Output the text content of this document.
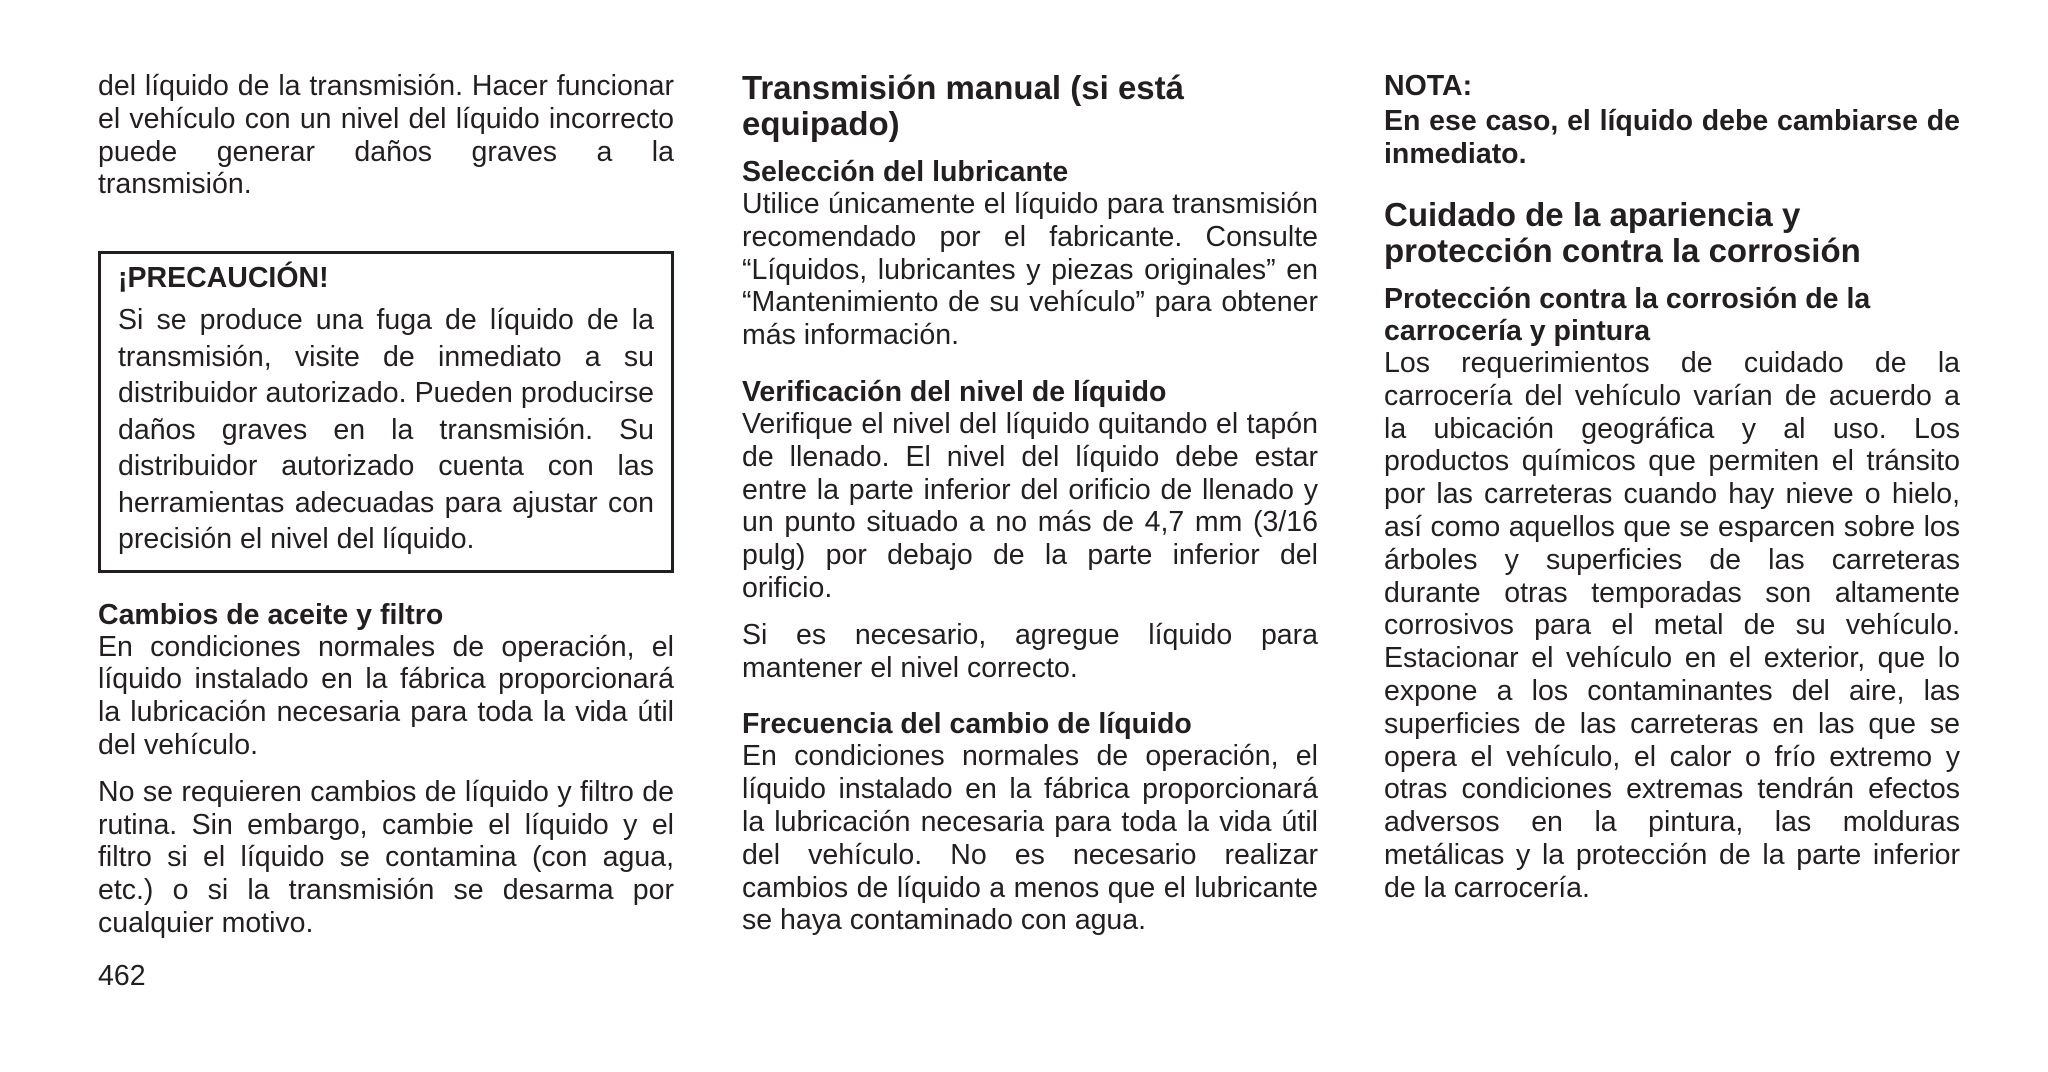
del líquido de la transmisión. Hacer funcionar el vehículo con un nivel del líquido incorrecto puede generar daños graves a la transmisión.

¡PRECAUCIÓN!

Si se produce una fuga de líquido de la transmisión, visite de inmediato a su distribuidor autorizado. Pueden producirse daños graves en la transmisión. Su distribuidor autorizado cuenta con las herramientas adecuadas para ajustar con precisión el nivel del líquido.

Cambios de aceite y filtro

En condiciones normales de operación, el líquido instalado en la fábrica proporcionará la lubricación necesaria para toda la vida útil del vehículo.

No se requieren cambios de líquido y filtro de rutina. Sin embargo, cambie el líquido y el filtro si el líquido se contamina (con agua, etc.) o si la transmisión se desarma por cualquier motivo.

Transmisión manual (si está equipado)
Selección del lubricante

Utilice únicamente el líquido para transmisión recomendado por el fabricante. Consulte “Líquidos, lubricantes y piezas originales” en “Mantenimiento de su vehículo” para obtener más información.

Verificación del nivel de líquido

Verifique el nivel del líquido quitando el tapón de llenado. El nivel del líquido debe estar entre la parte inferior del orificio de llenado y un punto situado a no más de 4,7 mm (3/16 pulg) por debajo de la parte inferior del orificio.

Si es necesario, agregue líquido para mantener el nivel correcto.

Frecuencia del cambio de líquido

En condiciones normales de operación, el líquido instalado en la fábrica proporcionará la lubricación necesaria para toda la vida útil del vehículo. No es necesario realizar cambios de líquido a menos que el lubricante se haya contaminado con agua.

NOTA:

En ese caso, el líquido debe cambiarse de inmediato.

Cuidado de la apariencia y protección contra la corrosión
Protección contra la corrosión de la carrocería y pintura

Los requerimientos de cuidado de la carrocería del vehículo varían de acuerdo a la ubicación geográfica y al uso. Los productos químicos que permiten el tránsito por las carreteras cuando hay nieve o hielo, así como aquellos que se esparcen sobre los árboles y superficies de las carreteras durante otras temporadas son altamente corrosivos para el metal de su vehículo. Estacionar el vehículo en el exterior, que lo expone a los contaminantes del aire, las superficies de las carreteras en las que se opera el vehículo, el calor o frío extremo y otras condiciones extremas tendrán efectos adversos en la pintura, las molduras metálicas y la protección de la parte inferior de la carrocería.

462
